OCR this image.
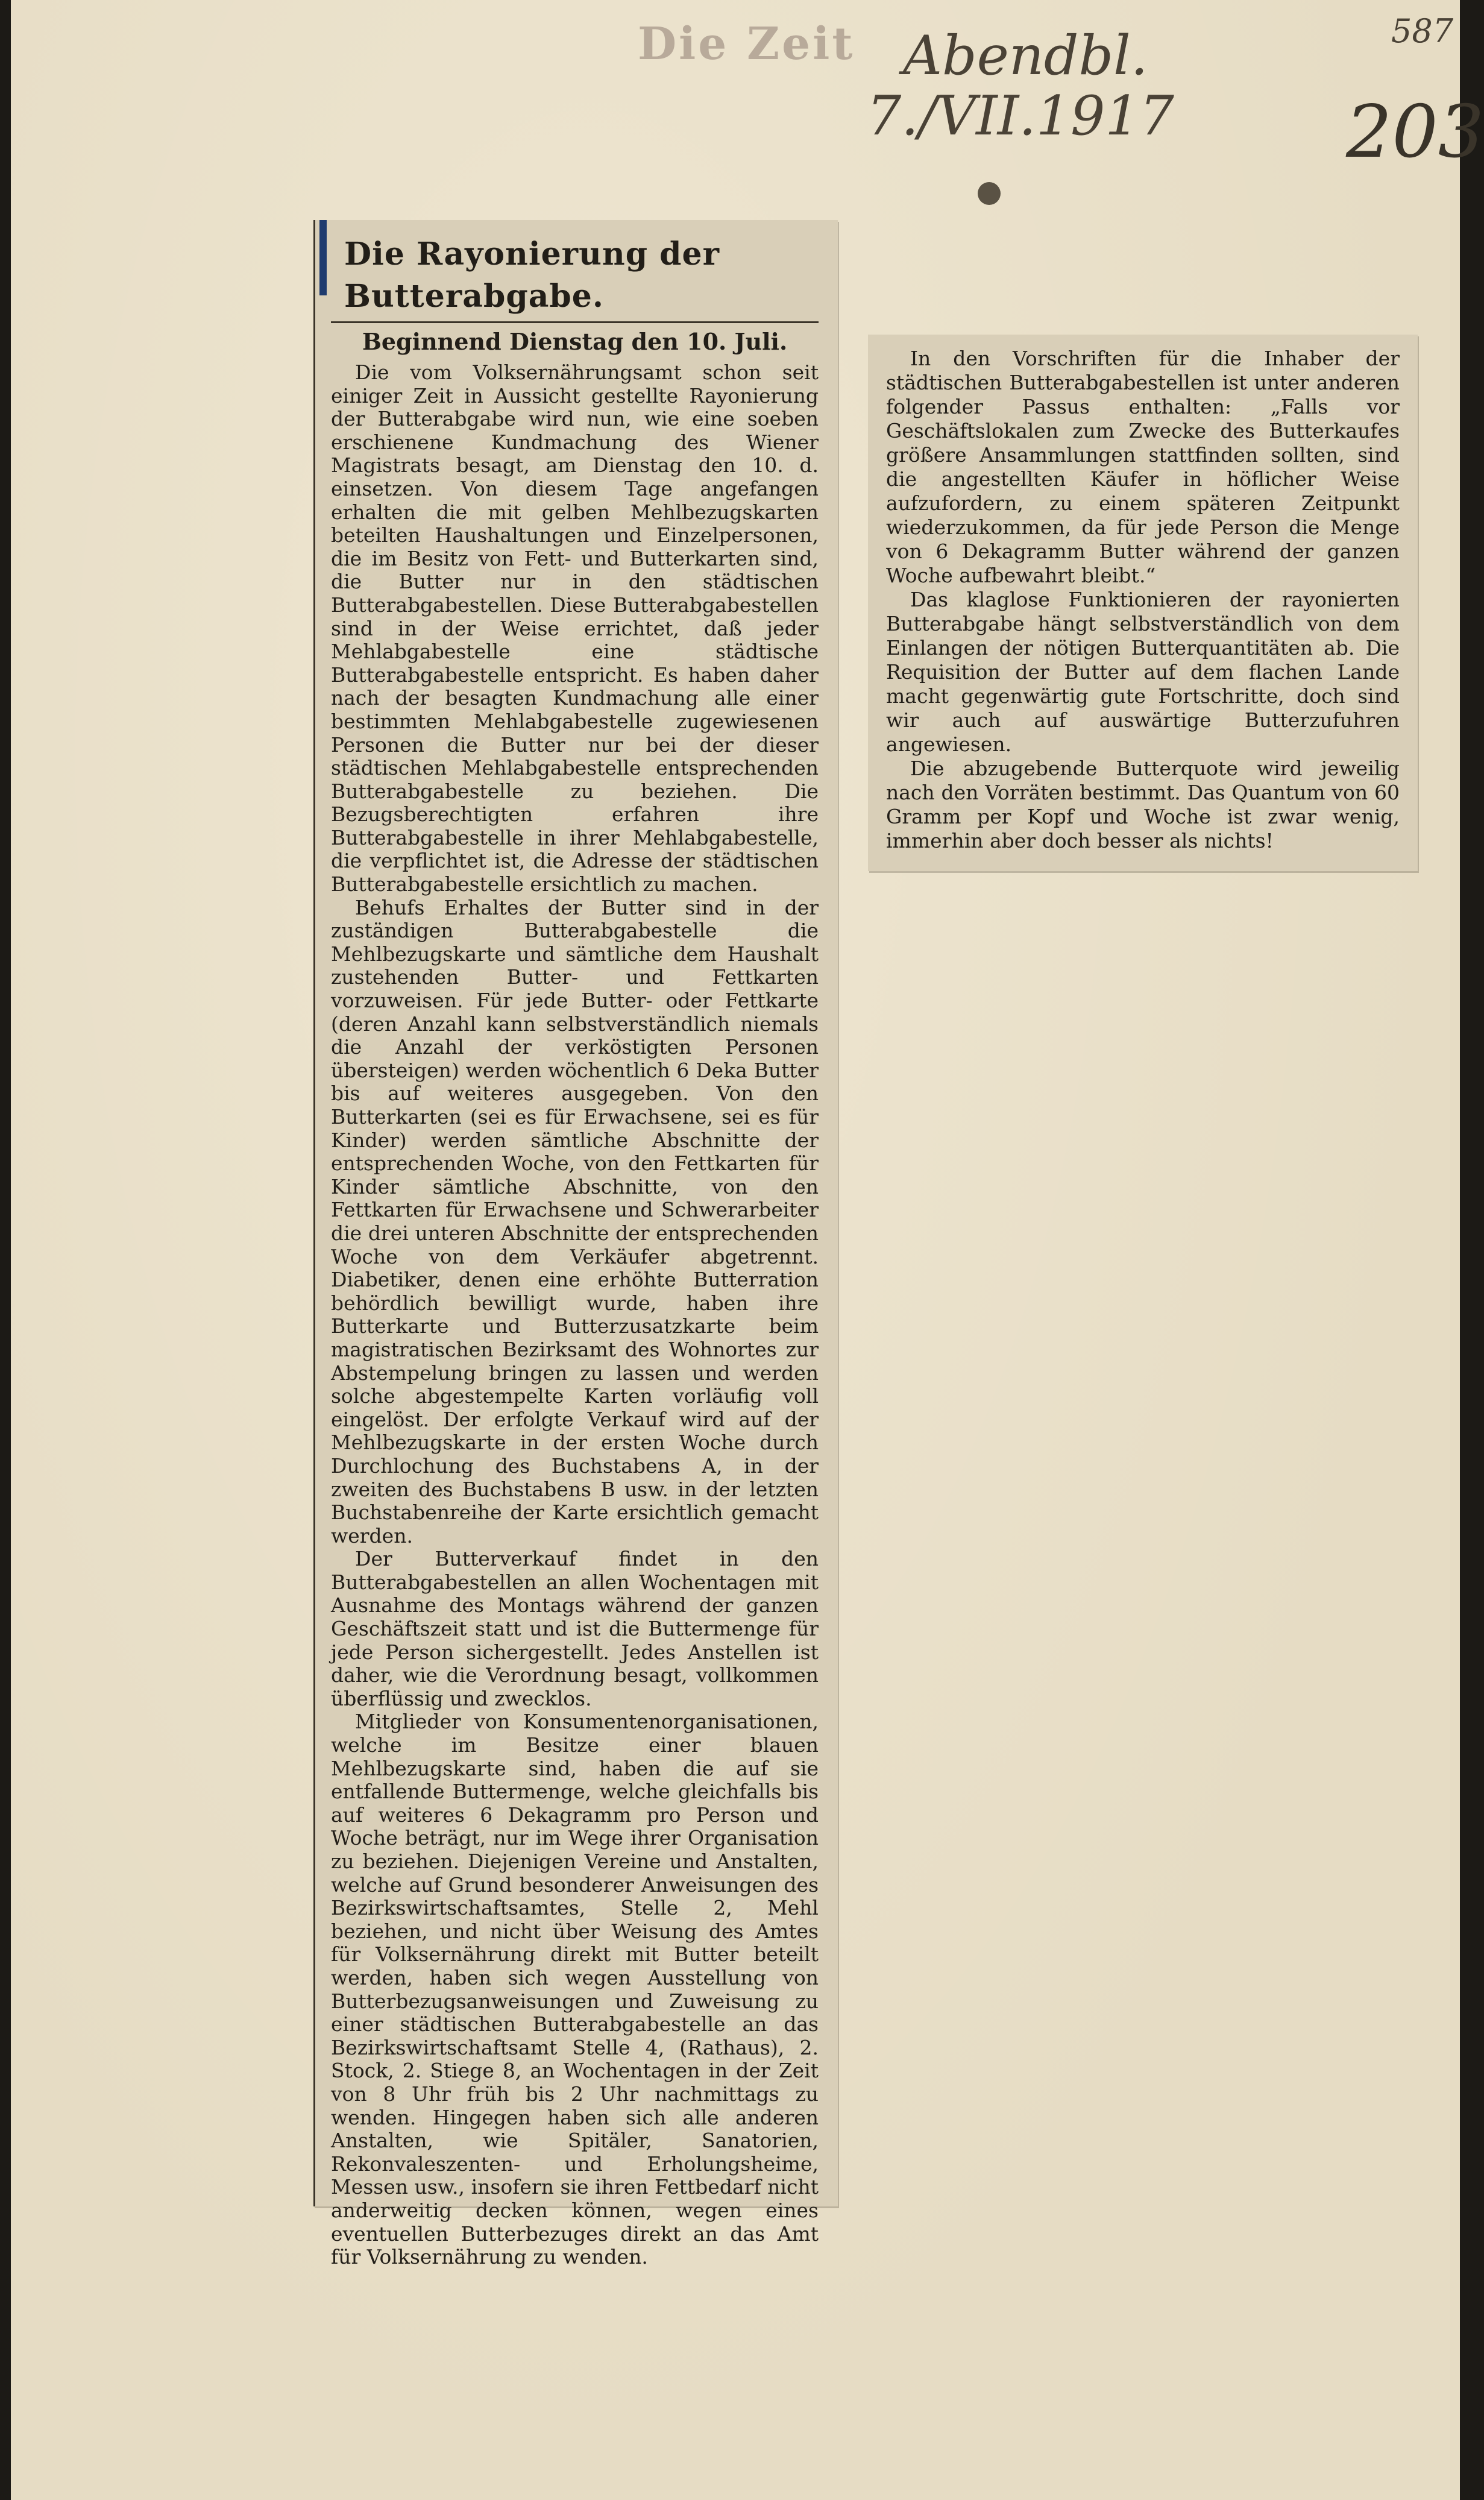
Die Zeit Abendbl.
7./VII.1917 203
587
Die Rayonierung der Butterabgabe.
Beginnend Dienstag den 10. Juli.

Die vom Volksernährungsamt schon seit einiger Zeit in Aussicht gestellte Rayonierung der Butterabgabe wird nun, wie eine soeben erschienene Kundmachung des Wiener Magistrats besagt, am Dienstag den 10. d. einsetzen. Von diesem Tage angefangen erhalten die mit gelben Mehlbezugskarten beteilten Haushaltungen und Einzelpersonen, die im Besitz von Fett- und Butterkarten sind, die Butter nur in den städtischen Butterabgabestellen. Diese Butterabgabestellen sind in der Weise errichtet, daß jeder Mehlabgabestelle eine städtische Butterabgabestelle entspricht. Es haben daher nach der besagten Kundmachung alle einer bestimmten Mehlabgabestelle zugewiesenen Personen die Butter nur bei der dieser städtischen Mehlabgabestelle entsprechenden Butterabgabestelle zu beziehen. Die Bezugsberechtigten erfahren ihre Butterabgabestelle in ihrer Mehlabgabestelle, die verpflichtet ist, die Adresse der städtischen Butterabgabestelle ersichtlich zu machen.

Behufs Erhaltes der Butter sind in der zuständigen Butterabgabestelle die Mehlbezugskarte und sämtliche dem Haushalt zustehenden Butter- und Fettkarten vorzuweisen. Für jede Butter- oder Fettkarte (deren Anzahl kann selbstverständlich niemals die Anzahl der verköstigten Personen übersteigen) werden wöchentlich 6 Deka Butter bis auf weiteres ausgegeben. Von den Butterkarten (sei es für Erwachsene, sei es für Kinder) werden sämtliche Abschnitte der entsprechenden Woche, von den Fettkarten für Kinder sämtliche Abschnitte, von den Fettkarten für Erwachsene und Schwerarbeiter die drei unteren Abschnitte der entsprechenden Woche von dem Verkäufer abgetrennt. Diabetiker, denen eine erhöhte Butterration behördlich bewilligt wurde, haben ihre Butterkarte und Butterzusatzkarte beim magistratischen Bezirksamt des Wohnortes zur Abstempelung bringen zu lassen und werden solche abgestempelte Karten vorläufig voll eingelöst. Der erfolgte Verkauf wird auf der Mehlbezugskarte in der ersten Woche durch Durchlochung des Buchstabens A, in der zweiten des Buchstabens B usw. in der letzten Buchstabenreihe der Karte ersichtlich gemacht werden.

Der Butterverkauf findet in den Butterabgabestellen an allen Wochentagen mit Ausnahme des Montags während der ganzen Geschäftszeit statt und ist die Buttermenge für jede Person sichergestellt. Jedes Anstellen ist daher, wie die Verordnung besagt, vollkommen überflüssig und zwecklos.

Mitglieder von Konsumentenorganisationen, welche im Besitze einer blauen Mehlbezugskarte sind, haben die auf sie entfallende Buttermenge, welche gleichfalls bis auf weiteres 6 Dekagramm pro Person und Woche beträgt, nur im Wege ihrer Organisation zu beziehen. Diejenigen Vereine und Anstalten, welche auf Grund besonderer Anweisungen des Bezirkswirtschaftsamtes, Stelle 2, Mehl beziehen, und nicht über Weisung des Amtes für Volksernährung direkt mit Butter beteilt werden, haben sich wegen Ausstellung von Butterbezugsanweisungen und Zuweisung zu einer städtischen Butterabgabestelle an das Bezirkswirtschaftsamt Stelle 4, (Rathaus), 2. Stock, 2. Stiege 8, an Wochentagen in der Zeit von 8 Uhr früh bis 2 Uhr nachmittags zu wenden. Hingegen haben sich alle anderen Anstalten, wie Spitäler, Sanatorien, Rekonvaleszenten- und Erholungsheime, Messen usw., insofern sie ihren Fettbedarf nicht anderweitig decken können, wegen eines eventuellen Butterbezuges direkt an das Amt für Volksernährung zu wenden.

In den Vorschriften für die Inhaber der städtischen Butterabgabestellen ist unter anderen folgender Passus enthalten: „Falls vor Geschäftslokalen zum Zwecke des Butterkaufes größere Ansammlungen stattfinden sollten, sind die angestellten Käufer in höflicher Weise aufzufordern, zu einem späteren Zeitpunkt wiederzukommen, da für jede Person die Menge von 6 Dekagramm Butter während der ganzen Woche aufbewahrt bleibt.“

Das klaglose Funktionieren der rayonierten Butterabgabe hängt selbstverständlich von dem Einlangen der nötigen Butterquantitäten ab. Die Requisition der Butter auf dem flachen Lande macht gegenwärtig gute Fortschritte, doch sind wir auch auf auswärtige Butterzufuhren angewiesen.

Die abzugebende Butterquote wird jeweilig nach den Vorräten bestimmt. Das Quantum von 60 Gramm per Kopf und Woche ist zwar wenig, immerhin aber doch besser als nichts!
